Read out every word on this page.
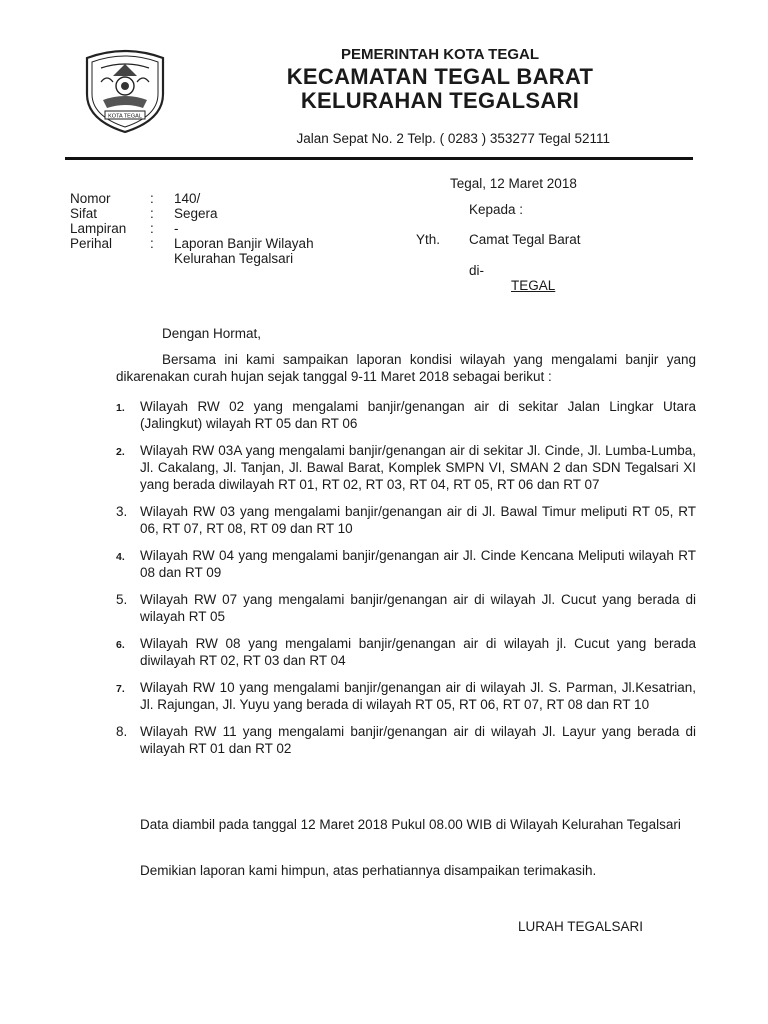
KOTA TEGAL
PEMERINTAH KOTA TEGAL
KECAMATAN TEGAL BARAT
KELURAHAN TEGALSARI
Jalan Sepat No. 2 Telp. ( 0283 ) 353277 Tegal 52111
Nomor	:	140/
Sifat	:	Segera
Lampiran	:	-
Perihal	:	Laporan Banjir Wilayah
Kelurahan Tegalsari
Tegal, 12 Maret 2018
Kepada :
Yth. Camat Tegal Barat
di-
TEGAL
Dengan Hormat,
Bersama ini kami sampaikan laporan kondisi wilayah yang mengalami banjir yang dikarenakan curah hujan sejak tanggal 9-11 Maret 2018 sebagai berikut :
1.	Wilayah RW 02 yang mengalami banjir/genangan air di sekitar Jalan Lingkar Utara (Jalingkut) wilayah RT 05 dan RT 06
2.	Wilayah RW 03A yang mengalami banjir/genangan air di sekitar Jl. Cinde, Jl. Lumba-Lumba, Jl. Cakalang, Jl. Tanjan, Jl. Bawal Barat, Komplek SMPN VI, SMAN 2 dan SDN Tegalsari XI yang berada diwilayah RT 01, RT 02, RT 03, RT 04, RT 05, RT 06 dan RT 07
3. Wilayah RW 03 yang mengalami banjir/genangan air di Jl. Bawal Timur meliputi RT 05, RT 06, RT 07, RT 08, RT 09 dan RT 10
4.	Wilayah RW 04 yang mengalami banjir/genangan air Jl. Cinde Kencana Meliputi wilayah RT 08 dan RT 09
5. Wilayah RW 07 yang mengalami banjir/genangan air di wilayah Jl. Cucut yang berada di wilayah RT 05
6.	Wilayah RW 08 yang mengalami banjir/genangan air di wilayah jl. Cucut yang berada diwilayah RT 02, RT 03 dan RT 04
7.	Wilayah RW 10 yang mengalami banjir/genangan air di wilayah Jl. S. Parman, Jl.Kesatrian, Jl. Rajungan, Jl. Yuyu yang berada di wilayah RT 05, RT 06, RT 07, RT 08 dan RT 10
8. Wilayah RW 11 yang mengalami banjir/genangan air di wilayah Jl. Layur yang berada di wilayah RT 01 dan RT 02
Data diambil pada tanggal 12 Maret 2018 Pukul 08.00 WIB di Wilayah Kelurahan Tegalsari
Demikian laporan kami himpun, atas perhatiannya disampaikan terimakasih.
LURAH TEGALSARI
